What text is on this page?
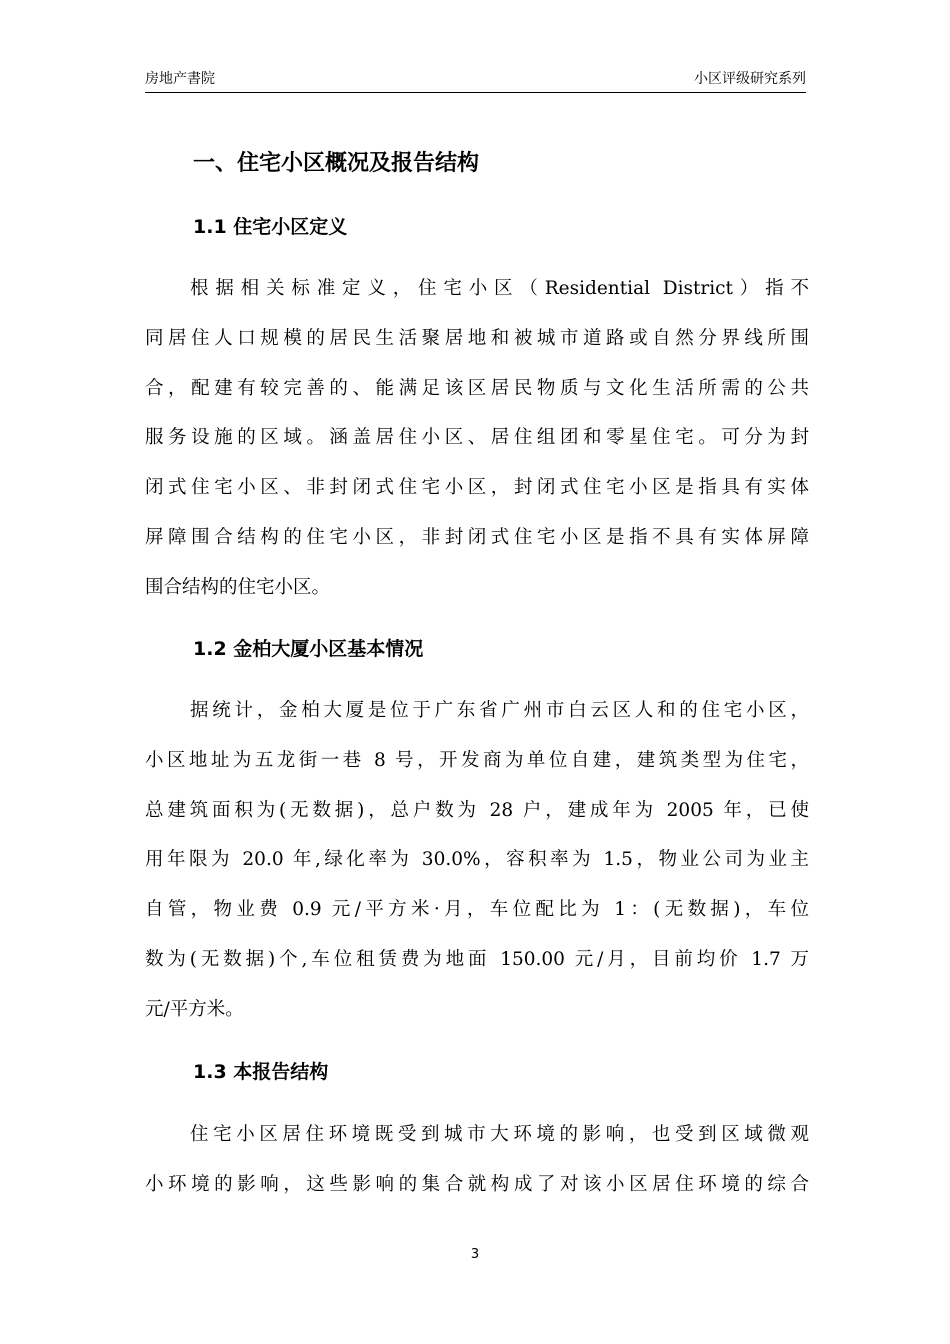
房地产書院	小区评级研究系列
一、住宅小区概况及报告结构
1.1 住宅小区定义
根据相关标准定义，住宅小区（Residential District）指不
同居住人口规模的居民生活聚居地和被城市道路或自然分界线所围
合，配建有较完善的、能满足该区居民物质与文化生活所需的公共
服务设施的区域。涵盖居住小区、居住组团和零星住宅。可分为封
闭式住宅小区、非封闭式住宅小区，封闭式住宅小区是指具有实体
屏障围合结构的住宅小区，非封闭式住宅小区是指不具有实体屏障
围合结构的住宅小区。
1.2 金柏大厦小区基本情况
据统计，金柏大厦是位于广东省广州市白云区人和的住宅小区，
小区地址为五龙街一巷 8 号，开发商为单位自建，建筑类型为住宅，
总建筑面积为(无数据)，总户数为 28 户，建成年为 2005 年，已使
用年限为 20.0 年,绿化率为 30.0%，容积率为 1.5，物业公司为业主
自管，物业费 0.9 元/平方米·月，车位配比为 1：(无数据)，车位
数为(无数据)个,车位租赁费为地面 150.00 元/月，目前均价 1.7 万
元/平方米。
1.3 本报告结构
住宅小区居住环境既受到城市大环境的影响，也受到区域微观
小环境的影响，这些影响的集合就构成了对该小区居住环境的综合
3
